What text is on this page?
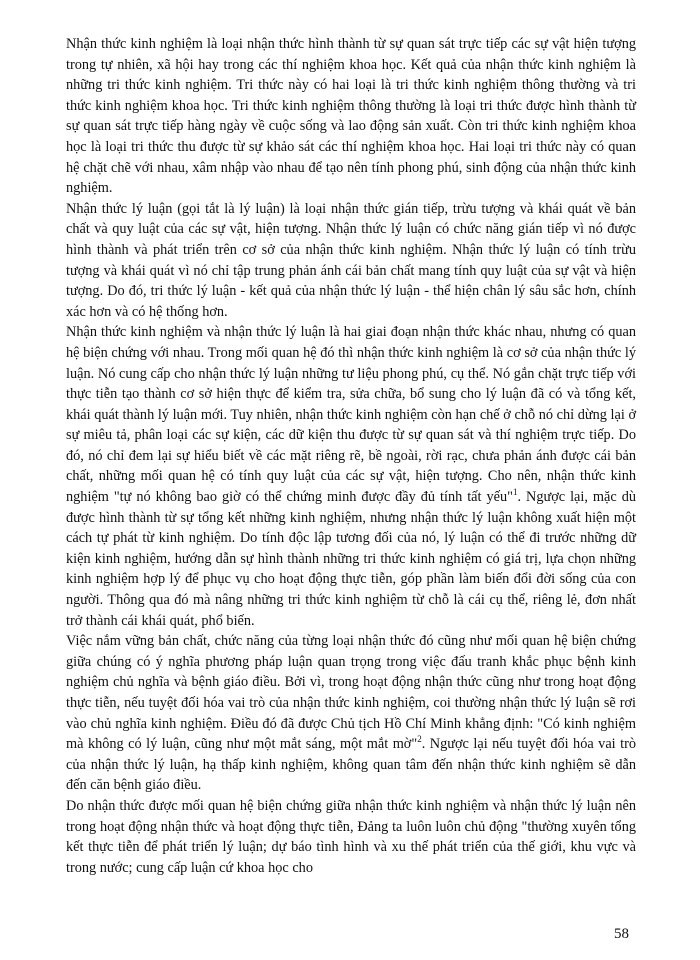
Nhận thức kinh nghiệm là loại nhận thức hình thành từ sự quan sát trực tiếp các sự vật hiện tượng trong tự nhiên, xã hội hay trong các thí nghiệm khoa học. Kết quả của nhận thức kinh nghiệm là những tri thức kinh nghiệm. Tri thức này có hai loại là tri thức kinh nghiệm thông thường và tri thức kinh nghiệm khoa học. Tri thức kinh nghiệm thông thường là loại tri thức được hình thành từ sự quan sát trực tiếp hàng ngày về cuộc sống và lao động sản xuất. Còn tri thức kinh nghiệm khoa học là loại tri thức thu được từ sự khảo sát các thí nghiệm khoa học. Hai loại tri thức này có quan hệ chặt chẽ với nhau, xâm nhập vào nhau để tạo nên tính phong phú, sinh động của nhận thức kinh nghiệm.

Nhận thức lý luận (gọi tắt là lý luận) là loại nhận thức gián tiếp, trừu tượng và khái quát về bản chất và quy luật của các sự vật, hiện tượng. Nhận thức lý luận có chức năng gián tiếp vì nó được hình thành và phát triển trên cơ sở của nhận thức kinh nghiệm. Nhận thức lý luận có tính trừu tượng và khái quát vì nó chỉ tập trung phản ánh cái bản chất mang tính quy luật của sự vật và hiện tượng. Do đó, tri thức lý luận - kết quả của nhận thức lý luận - thể hiện chân lý sâu sắc hơn, chính xác hơn và có hệ thống hơn.

Nhận thức kinh nghiệm và nhận thức lý luận là hai giai đoạn nhận thức khác nhau, nhưng có quan hệ biện chứng với nhau. Trong mối quan hệ đó thì nhận thức kinh nghiệm là cơ sở của nhận thức lý luận. Nó cung cấp cho nhận thức lý luận những tư liệu phong phú, cụ thể. Nó gắn chặt trực tiếp với thực tiễn tạo thành cơ sở hiện thực để kiểm tra, sửa chữa, bổ sung cho lý luận đã có và tổng kết, khái quát thành lý luận mới. Tuy nhiên, nhận thức kinh nghiệm còn hạn chế ở chỗ nó chỉ dừng lại ở sự miêu tả, phân loại các sự kiện, các dữ kiện thu được từ sự quan sát và thí nghiệm trực tiếp. Do đó, nó chỉ đem lại sự hiểu biết về các mặt riêng rẽ, bề ngoài, rời rạc, chưa phản ánh được cái bản chất, những mối quan hệ có tính quy luật của các sự vật, hiện tượng. Cho nên, nhận thức kinh nghiệm "tự nó không bao giờ có thể chứng minh được đầy đủ tính tất yếu"$^1$. Ngược lại, mặc dù được hình thành từ sự tổng kết những kinh nghiệm, nhưng nhận thức lý luận không xuất hiện một cách tự phát từ kinh nghiệm. Do tính độc lập tương đối của nó, lý luận có thể đi trước những dữ kiện kinh nghiệm, hướng dẫn sự hình thành những tri thức kinh nghiệm có giá trị, lựa chọn những kinh nghiệm hợp lý để phục vụ cho hoạt động thực tiễn, góp phần làm biến đổi đời sống của con người. Thông qua đó mà nâng những tri thức kinh nghiệm từ chỗ là cái cụ thể, riêng lẻ, đơn nhất trở thành cái khái quát, phổ biến.

Việc nắm vững bản chất, chức năng của từng loại nhận thức đó cũng như mối quan hệ biện chứng giữa chúng có ý nghĩa phương pháp luận quan trọng trong việc đấu tranh khắc phục bệnh kinh nghiệm chủ nghĩa và bệnh giáo điều. Bởi vì, trong hoạt động nhận thức cũng như trong hoạt động thực tiễn, nếu tuyệt đối hóa vai trò của nhận thức kinh nghiệm, coi thường nhận thức lý luận sẽ rơi vào chủ nghĩa kinh nghiệm. Điều đó đã được Chủ tịch Hồ Chí Minh khẳng định: "Có kinh nghiệm mà không có lý luận, cũng như một mắt sáng, một mắt mờ"$^2$. Ngược lại nếu tuyệt đối hóa vai trò của nhận thức lý luận, hạ thấp kinh nghiệm, không quan tâm đến nhận thức kinh nghiệm sẽ dẫn đến căn bệnh giáo điều.

Do nhận thức được mối quan hệ biện chứng giữa nhận thức kinh nghiệm và nhận thức lý luận nên trong hoạt động nhận thức và hoạt động thực tiễn, Đảng ta luôn luôn chủ động "thường xuyên tổng kết thực tiễn để phát triển lý luận; dự báo tình hình và xu thế phát triển của thế giới, khu vực và trong nước; cung cấp luận cứ khoa học cho

58
